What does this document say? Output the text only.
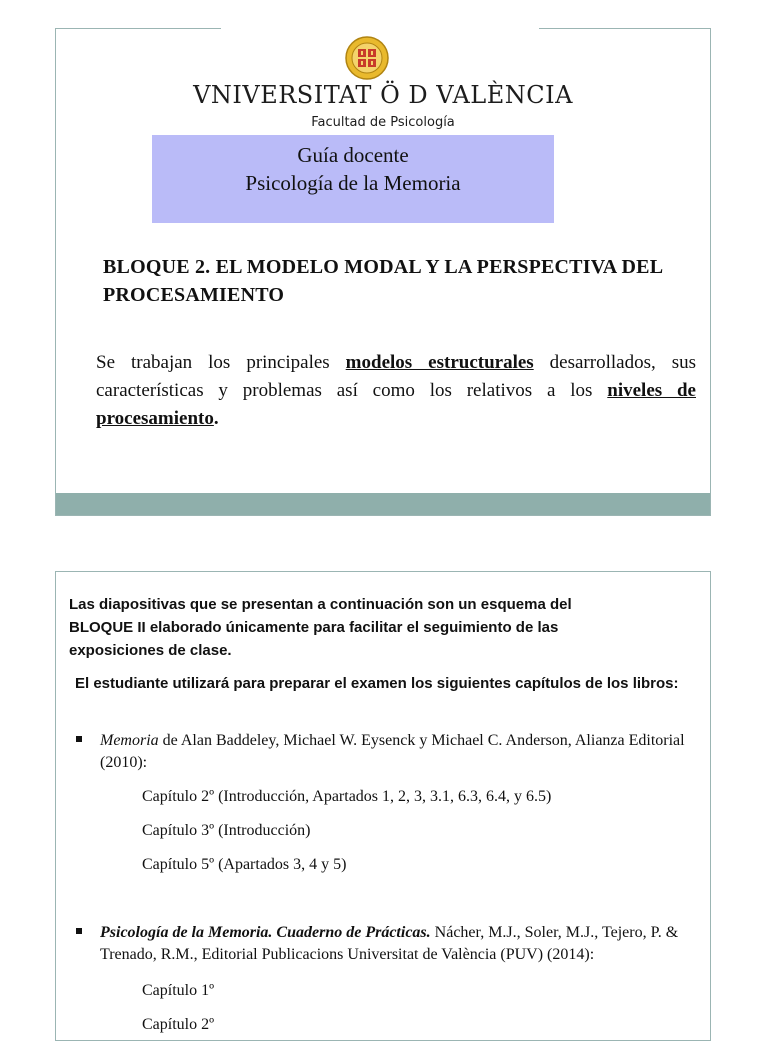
VNIVERSITAT Ö D VALÈNCIA
Facultad de Psicología
Guía docente
Psicología de la Memoria
BLOQUE 2. EL MODELO MODAL Y LA PERSPECTIVA DEL PROCESAMIENTO
Se trabajan los principales modelos estructurales desarrollados, sus características y problemas así como los relativos a los niveles de procesamiento.
Las diapositivas que se presentan a continuación son un esquema del BLOQUE II elaborado únicamente para facilitar el seguimiento de las exposiciones de clase.
El estudiante utilizará para preparar el examen los siguientes capítulos de los libros:
Memoria de Alan Baddeley, Michael W. Eysenck y Michael C. Anderson, Alianza Editorial (2010):
Capítulo 2º (Introducción, Apartados 1, 2, 3, 3.1, 6.3, 6.4, y 6.5)
Capítulo 3º (Introducción)
Capítulo 5º (Apartados 3, 4 y 5)
Psicología de la Memoria. Cuaderno de Prácticas. Nácher, M.J., Soler, M.J., Tejero, P. & Trenado, R.M., Editorial Publicacions Universitat de València (PUV) (2014):
Capítulo 1º
Capítulo 2º
